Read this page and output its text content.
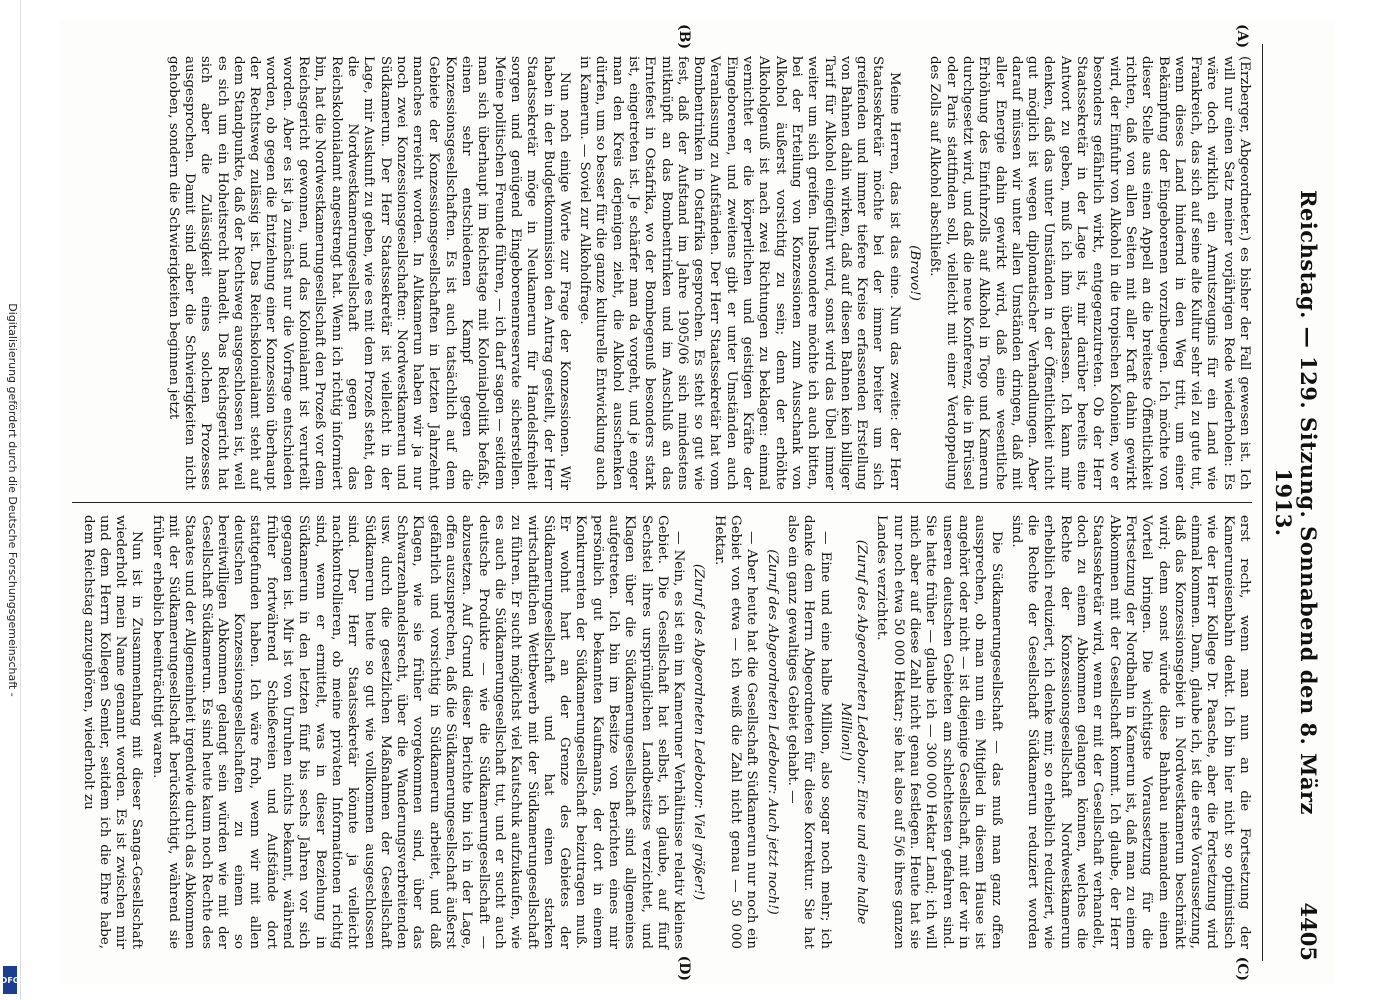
Digitalisierung gefördert durch die Deutsche Forschungsgemeinschaft -
DFG
Reichstag. — 129. Sitzung. Sonnabend den 8. März 1913.
4405
(A)
(B)
(C)
(D)

(Erzberger, Abgeordneter.) es bisher der Fall gewesen ist. Ich will nur einen Satz meiner vorjährigen Rede wiederholen: Es wäre doch wirklich ein Armutszeugnis für ein Land wie Frankreich, das sich auf seine alte Kultur sehr viel zu gute tut, wenn dieses Land hindernd in den Weg tritt, um einer Bekämpfung der Eingeborenen vorzubeugen. Ich möchte von dieser Stelle aus einen Appell an die breiteste Öffentlichkeit richten, daß von allen Seiten mit aller Kraft dahin gewirkt wird, der Einfuhr von Alkohol in die tropischen Kolonien, wo er besonders gefährlich wirkt, entgegenzutreten. Ob der Herr Staatssekretär in der Lage ist, mir darüber bereits eine Antwort zu geben, muß ich ihm überlassen. Ich kann mir denken, daß das unter Umständen in der Öffentlichkeit nicht gut möglich ist wegen diplomatischer Verhandlungen. Aber darauf müssen wir unter allen Umständen dringen, daß mit aller Energie dahin gewirkt wird, daß eine wesentliche Erhöhung des Einfuhrzolls auf Alkohol in Togo und Kamerun durchgesetzt wird, und daß die neue Konferenz, die in Brüssel oder Paris stattfinden soll, vielleicht mit einer Verdoppelung des Zolls auf Alkohol abschließt.

(Bravo!)

Meine Herren, das ist das eine. Nun das zweite: der Herr Staatssekretär möchte bei der immer breiter um sich greifenden und immer tiefere Kreise erfassenden Erstellung von Bahnen dahin wirken, daß auf diesen Bahnen kein billiger Tarif für Alkohol eingeführt wird, sonst wird das Übel immer weiter um sich greifen. Insbesondere möchte ich auch bitten, bei der Erteilung von Konzessionen zum Ausschank von Alkohol äußerst vorsichtig zu sein; denn der erhöhte Alkoholgenuß ist nach zwei Richtungen zu beklagen: einmal vernichtet er die körperlichen und geistigen Kräfte der Eingeborenen, und zweitens gibt er unter Umständen auch Veranlassung zu Aufständen. Der Herr Staatssekretär hat vom Bombentrinken in Ostafrika gesprochen. Es steht so gut wie fest, daß der Aufstand im Jahre 1905/06 sich mindestens mitknüpft an das Bombentrinken und im Anschluß an das Erntefest in Ostafrika, wo der Bombegenuß besonders stark ist, eingetreten ist. Je schärfer man da vorgeht, und je enger man den Kreis derjenigen zieht, die Alkohol ausschenken dürfen, um so besser für die ganze kulturelle Entwicklung auch in Kamerun. — Soviel zur Alkoholfrage.

Nun noch einige Worte zur Frage der Konzessionen. Wir haben in der Budgetkommission den Antrag gestellt, der Herr Staatssekretär möge in Neukamerun für Handelsfreiheit sorgen und genügend Eingeborenenreservate sicherstellen. Meine politischen Freunde führen, — ich darf sagen — seitdem man sich überhaupt im Reichstage mit Kolonialpolitik befaßt, einen sehr entschiedenen Kampf gegen die Konzessionsgesellschaften. Es ist auch tatsächlich auf dem Gebiete der Konzessionsgesellschaften in letzten Jahrzehnt manches erreicht worden. In Altkamerun haben wir ja nur noch zwei Konzessionsgesellschaften: Nordwestkamerun und Südkamerun. Der Herr Staatssekretär ist vielleicht in der Lage, mir Auskunft zu geben, wie es mit dem Prozeß steht, den die Nordwestkamerungesellschaft gegen das Reichskolonialamt angestrengt hat. Wenn ich richtig informiert bin, hat die Nordwestkamerungesellschaft den Prozeß vor dem Reichsgericht gewonnen, und das Kolonialamt ist verurteilt worden. Aber es ist ja zunächst nur die Vorfrage entschieden worden, ob gegen die Entziehung einer Konzession überhaupt der Rechtsweg zulässig ist. Das Reichskolonialamt steht auf dem Standpunkte, daß der Rechtsweg ausgeschlossen ist, weil es sich um ein Hoheitsrecht handelt. Das Reichsgericht hat sich aber die Zulässigkeit eines solchen Prozesses ausgesprochen. Damit sind aber die Schwierigkeiten nicht gehoben, sondern die Schwierigkeiten beginnen jetzt

erst recht, wenn man nun an die Fortsetzung der Kameruneisenbahn denkt. Ich bin hier nicht so optimistisch wie der Herr Kollege Dr. Paasche, aber die Fortsetzung wird einmal kommen. Dann, glaube ich, ist die erste Voraussetzung, daß das Konzessionsgebiet in Nordwestkamerun beschränkt wird; denn sonst würde diese Bahnbau niemandem einen Vorteil bringen. Die wichtigste Voraussetzung für die Fortsetzung der Nordbahn in Kamerun ist, daß man zu einem Abkommen mit der Gesellschaft kommt. Ich glaube, der Herr Staatssekretär wird, wenn er mit der Gesellschaft verhandelt, doch zu einem Abkommen gelangen können, welches die Rechte der Konzessionsgesellschaft Nordwestkamerun erheblich reduziert, ich denke mir, so erheblich reduziert, wie die Rechte der Gesellschaft Südkamerun reduziert worden sind.

Die Südkamerungesellschaft — das muß man ganz offen aussprechen, ob man nun ein Mitglied in diesem Hause ist angehört oder nicht — ist diejenige Gesellschaft, mit der wir in unseren deutschen Gebieten am schlechtesten gefahren sind. Sie hatte früher — glaube ich — 300 000 Hektar Land; ich will mich aber auf diese Zahl nicht genau festlegen. Heute hat sie nur noch etwa 50 000 Hektar; sie hat also auf 5/6 ihres ganzen Landes verzichtet.

(Zuruf des Abgeordneten Ledebour: Eine und eine halbe Million!)

— Eine und eine halbe Million, also sogar noch mehr; ich danke dem Herrn Abgeordneten für diese Korrektur. Sie hat also ein ganz gewaltiges Gebiet gehabt. —

(Zuruf des Abgeordneten Ledebour: Auch jetzt noch!)

— Aber heute hat die Gesellschaft Südkamerun nur noch ein Gebiet von etwa — ich weiß die Zahl nicht genau — 50 000 Hektar.

(Zuruf des Abgeordneten Ledebour: Viel größer!)

— Nein, es ist ein im Kameruner Verhältnisse relativ kleines Gebiet. Die Gesellschaft hat selbst, ich glaube, auf fünf Sechstel ihres ursprünglichen Landbesitzes verzichtet, und Klagen über die Südkamerungesellschaft sind allgemeines aufgetreten. Ich bin im Besitze von Berichten eines mir persönlich gut bekannten Kaufmanns, der dort in einem Konkurrenten der Südkamerungesellschaft beizutragen muß. Er wohnt hart an der Grenze des Gebietes der Südkamerungesellschaft und hat einen starken wirtschaftlichen Wettbewerb mit der Südkamerungesellschaft zu führen. Er sucht möglichst viel Kautschuk aufzukaufen, wie es auch die Südkamerungesellschaft tut, und er sucht auch deutsche Produkte — wie die Südkamerungesellschaft — abzusetzen. Auf Grund dieser Berichte bin ich in der Lage, offen auszusprechen, daß die Südkamerungesellschaft äußerst gefährlich und vorsichtig in Südkamerun arbeitet, und daß Klagen, wie sie früher vorgekommen sind, über das Schwarzenhandelsrecht, über die Wanderungsverbreitenden usw. durch die gesetzlichen Maßnahmen der Gesellschaft Südkamerun heute so gut wie vollkommen ausgeschlossen sind. Der Herr Staatssekretär könnte ja vielleicht nachkontrollieren, ob meine privaten Informationen richtig sind, wenn er ermittelt, was in dieser Beziehung in Südkamerun in den letzten fünf bis sechs Jahren vor sich gegangen ist. Mir ist von Unruhen nichts bekannt, während früher fortwährend Schießereien und Aufstände dort stattgefunden haben. Ich wäre froh, wenn wir mit allen deutschen Konzessionsgesellschaften zu einem so bereitwilligen Abkommen gelangt sein würden wie mit der Gesellschaft Südkamerun. Es sind heute kaum noch Rechte des Staates und der Allgemeinheit irgendwie durch das Abkommen mit der Südkamerungesellschaft berücksichtigt, während sie früher erheblich beeinträchtigt waren.

Nun ist in Zusammenhang mit dieser Sanga-Gesellschaft wiederholt mein Name genannt worden. Es ist zwischen mir und dem Herrn Kollegen Semler, seitdem ich die Ehre habe, dem Reichstag anzugehören, wiederholt zu
